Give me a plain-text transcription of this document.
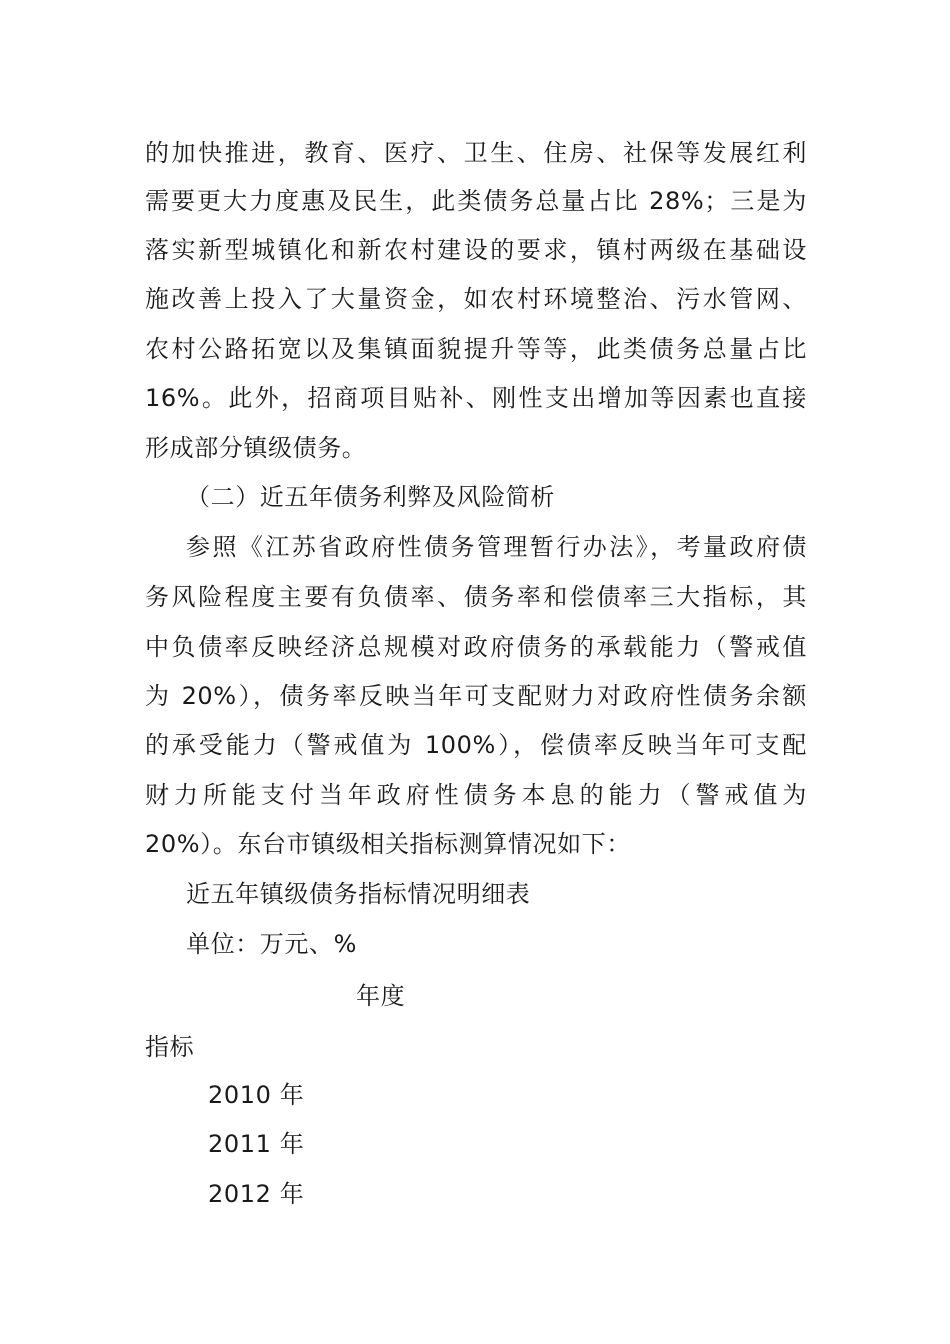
的加快推进，教育、医疗、卫生、住房、社保等发展红利
需要更大力度惠及民生，此类债务总量占比 28%；三是为
落实新型城镇化和新农村建设的要求，镇村两级在基础设
施改善上投入了大量资金，如农村环境整治、污水管网、
农村公路拓宽以及集镇面貌提升等等，此类债务总量占比
16%。此外，招商项目贴补、刚性支出增加等因素也直接
形成部分镇级债务。
（二）近五年债务利弊及风险简析
参照《江苏省政府性债务管理暂行办法》，考量政府债
务风险程度主要有负债率、债务率和偿债率三大指标，其
中负债率反映经济总规模对政府债务的承载能力（警戒值
为 20%），债务率反映当年可支配财力对政府性债务余额
的承受能力（警戒值为 100%），偿债率反映当年可支配
财力所能支付当年政府性债务本息的能力（警戒值为
20%）。东台市镇级相关指标测算情况如下：
近五年镇级债务指标情况明细表
单位：万元、%
年度
指标
2010 年
2011 年
2012 年
